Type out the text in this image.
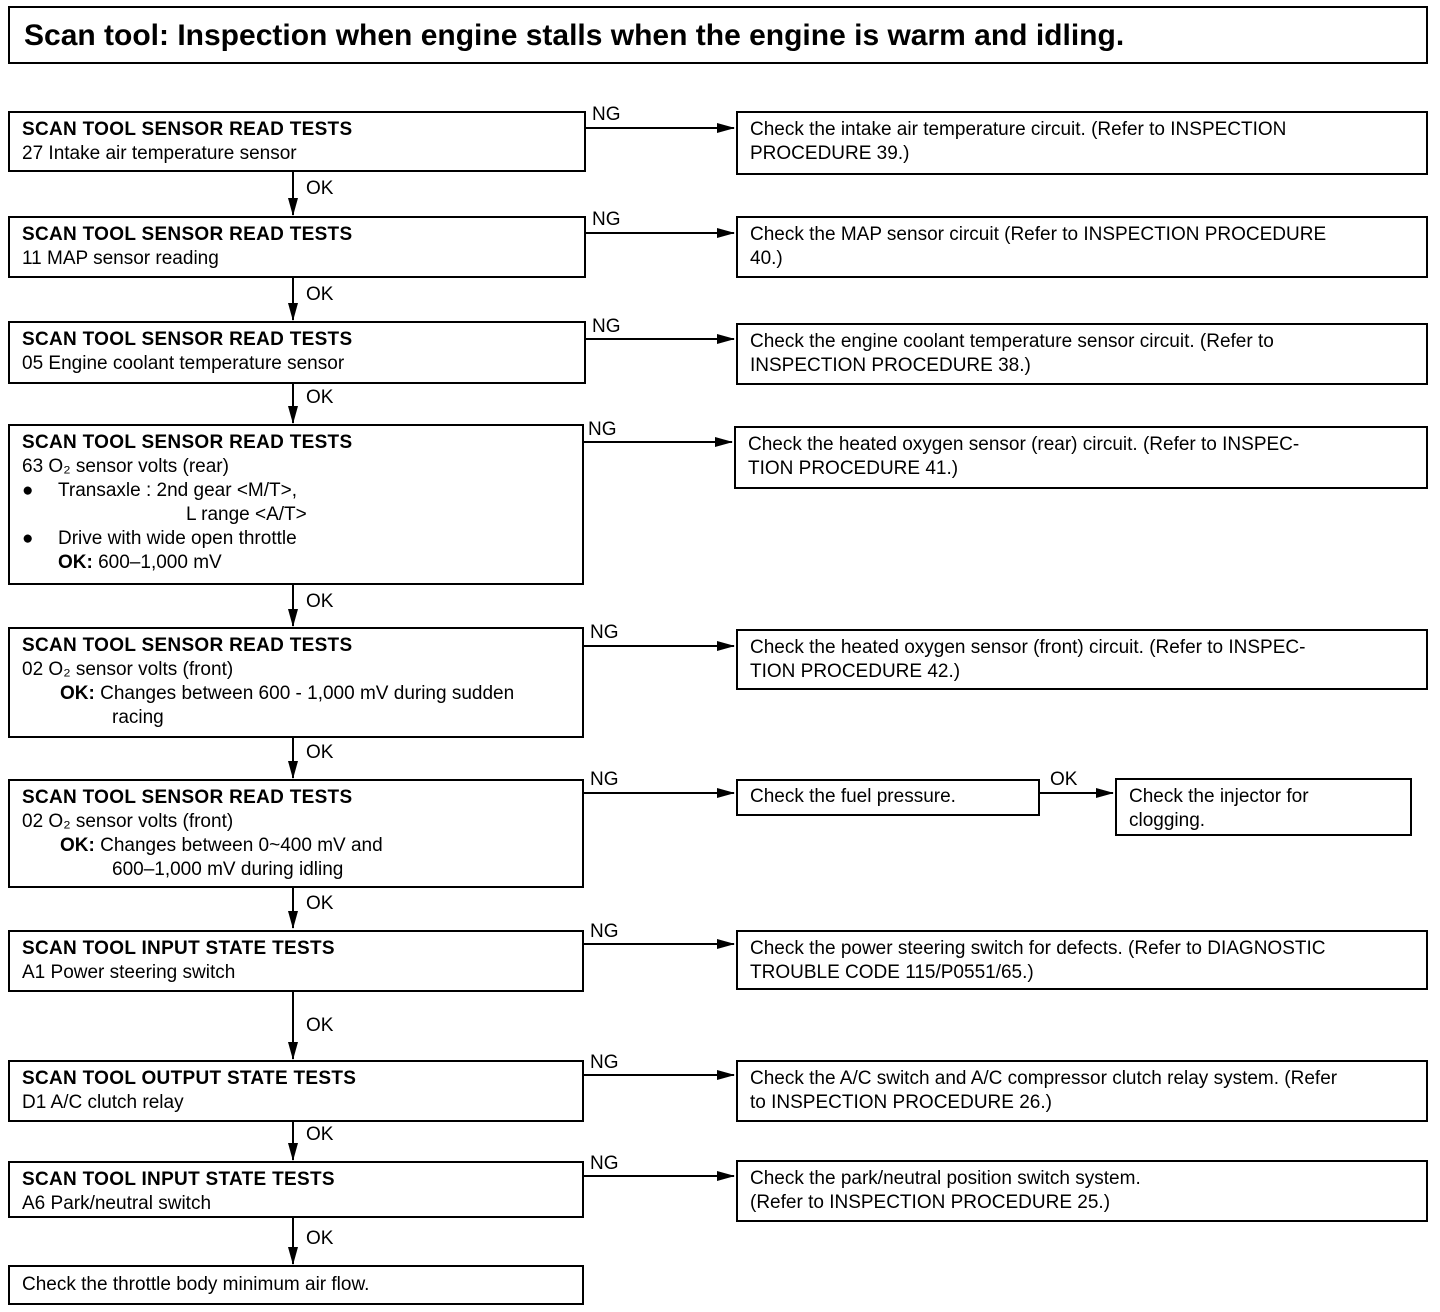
Scan tool: Inspection when engine stalls when the engine is warm and idling.
SCAN TOOL SENSOR READ TESTS
27 Intake air temperature sensor
Check the intake air temperature circuit. (Refer to INSPECTION
PROCEDURE 39.)
SCAN TOOL SENSOR READ TESTS
11 MAP sensor reading
Check the MAP sensor circuit (Refer to INSPECTION PROCEDURE
40.)
SCAN TOOL SENSOR READ TESTS
05 Engine coolant temperature sensor
Check the engine coolant temperature sensor circuit. (Refer to
INSPECTION PROCEDURE 38.)
SCAN TOOL SENSOR READ TESTS
63 O₂ sensor volts (rear)
● Transaxle : 2nd gear <M/T>,
L range <A/T>
● Drive with wide open throttle
OK: 600–1,000 mV
Check the heated oxygen sensor (rear) circuit. (Refer to INSPEC-
TION PROCEDURE 41.)
SCAN TOOL SENSOR READ TESTS
02 O₂ sensor volts (front)
OK: Changes between 600 - 1,000 mV during sudden
racing
Check the heated oxygen sensor (front) circuit. (Refer to INSPEC-
TION PROCEDURE 42.)
SCAN TOOL SENSOR READ TESTS
02 O₂ sensor volts (front)
OK: Changes between 0~400 mV and
600–1,000 mV during idling
Check the fuel pressure.	Check the injector for
clogging.
SCAN TOOL INPUT STATE TESTS
A1 Power steering switch
Check the power steering switch for defects. (Refer to DIAGNOSTIC
TROUBLE CODE 115/P0551/65.)
SCAN TOOL OUTPUT STATE TESTS
D1 A/C clutch relay
Check the A/C switch and A/C compressor clutch relay system. (Refer
to INSPECTION PROCEDURE 26.)
SCAN TOOL INPUT STATE TESTS
A6 Park/neutral switch
Check the park/neutral position switch system.
(Refer to INSPECTION PROCEDURE 25.)
Check the throttle body minimum air flow.
NG
NG
NG
NG
NG
NG
NG
NG
NG
OK
OK
OK
OK
OK
OK
OK
OK
OK
OK
